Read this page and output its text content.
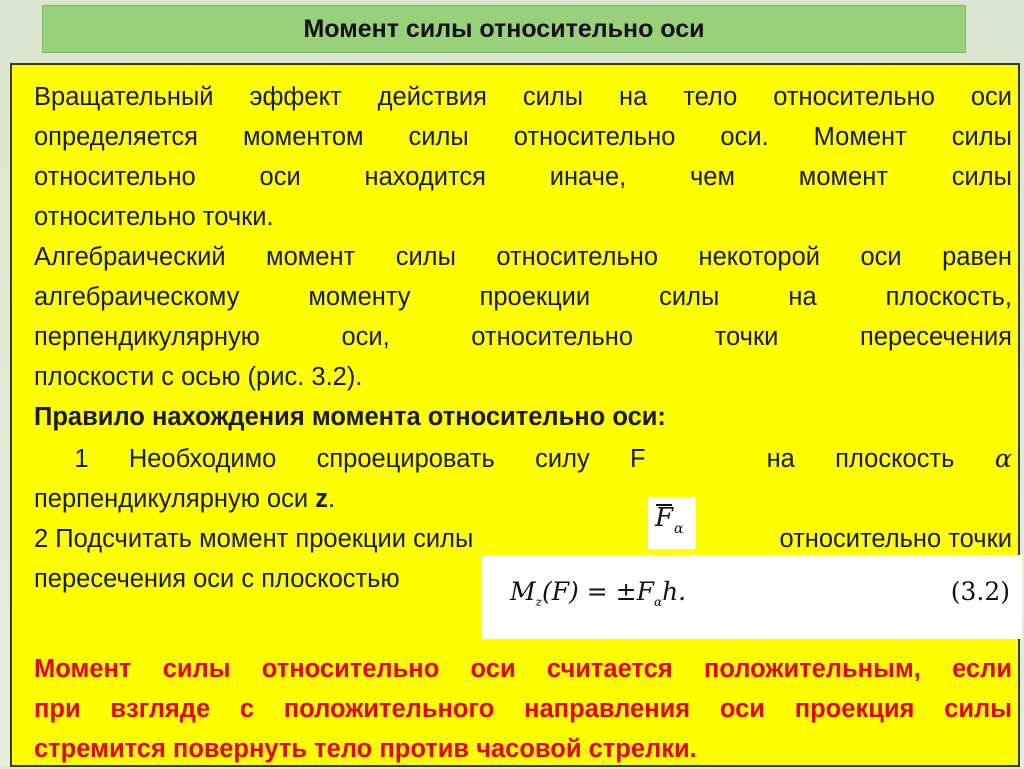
Момент силы относительно оси
Вращательный эффект действия силы на тело относительно оси
определяется моментом силы относительно оси. Момент силы
относительно оси находится иначе, чем момент силы
относительно точки.
Алгебраический момент силы относительно некоторой оси равен
алгебраическому моменту проекции силы на плоскость,
перпендикулярную оси, относительно точки пересечения
плоскости с осью (рис. 3.2).
Правило нахождения момента относительно оси:
1 Необходимо спроецировать силу F   на плоскость α
перпендикулярную оси z.
2 Подсчитать момент проекции силы	относительно точки
пересечения оси с плоскостью
F α
$M_z(F) = \pm F_\alpha h$.	(3.2)
Момент силы относительно оси считается положительным, если
при взгляде с положительного направления оси проекция силы
стремится повернуть тело против часовой стрелки.
